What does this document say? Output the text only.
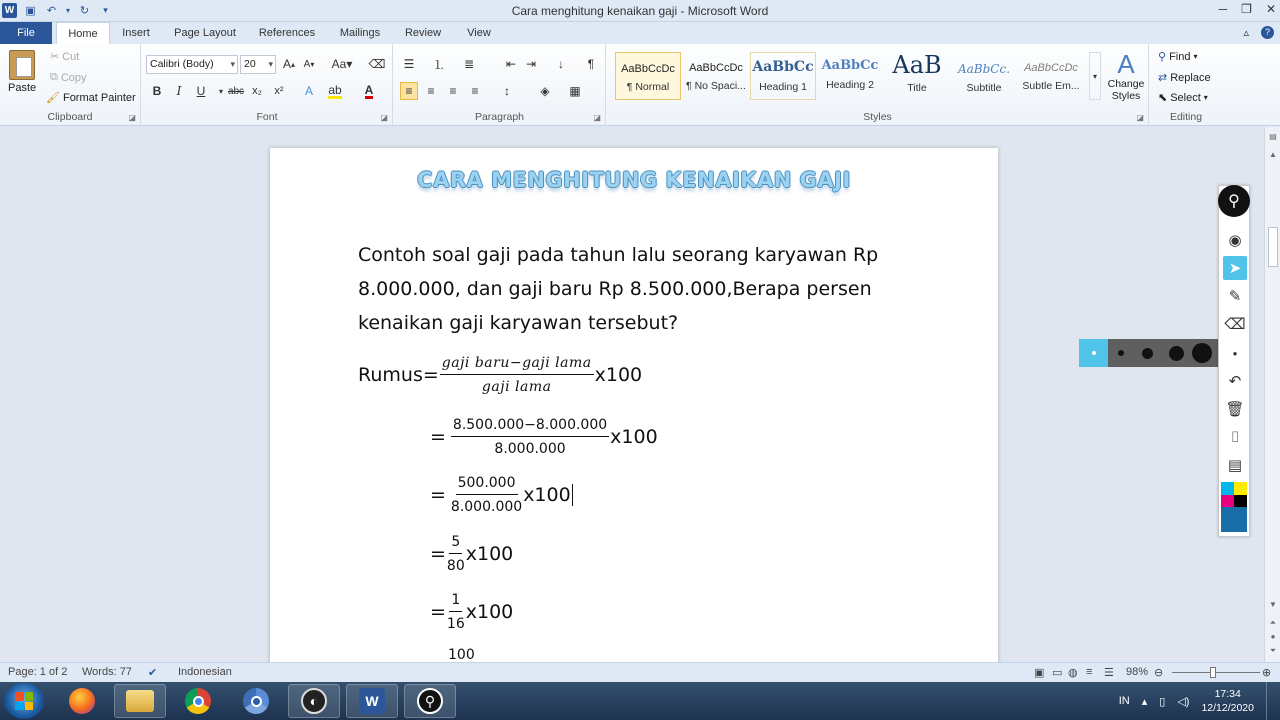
W ▣ ↶	▾ ↻	▾	Cara menghitung kenaikan gaji - Microsoft Word	─ ❐ ✕
File	Home	Insert	Page Layout	References	Mailings	Review	View	▵	?
Paste
✂ Cut
⧉ Copy
🖌 Format Painter
Clipboard	◪
Calibri (Body) ▾	20 ▾	A ▴ A ▾ Aa▾ ⌫
B	I	U	▾ abc x₂	x²	A	ab A
Font	◪
☰	⒈	≣	⇤ ⇥	↓	¶
≡	≡	≡	≡	↕	◈	▦
Paragraph	◪
AaBbCcDc
¶ Normal
AaBbCcDc
¶ No Spaci...
AaBbCc
Heading 1
AaBbCc
Heading 2
AaB
Title
AaBbCc.
Subtitle
AaBbCcDc
Subtle Em...
▾ A
Change Styles
Styles	◪
⚲ Find ▾
⇄ Replace
⬉ Select ▾
Editing
CARA MENGHITUNG KENAIKAN GAJI
Contoh soal gaji pada tahun lalu seorang karyawan Rp 8.000.000, dan gaji baru Rp 8.500.000,Berapa persen kenaikan gaji karyawan tersebut?
Rumus= $\frac{\text{gaji baru−gaji lama}}{\text{gaji lama}} x100$
= $\frac{8.500.000-8.000.000}{8.000.000} x100$
= $\frac{500.000}{8.000.000} x100$
= $\frac{5}{80} x100$
= $\frac{1}{16} x100$
100
▤
▲
▼
⏶
●
⏷
⚲
◉
➤
✎
⌫
●
↶
🗑
⌷
▤
Page: 1 of 2 Words: 77 ✔ Indonesian	▣ ▭ ◍ ≡ ☰ 98% ⊖	⊕
◐	W	⚲	IN ▴ ▯ ◁)
17:34
12/12/2020
